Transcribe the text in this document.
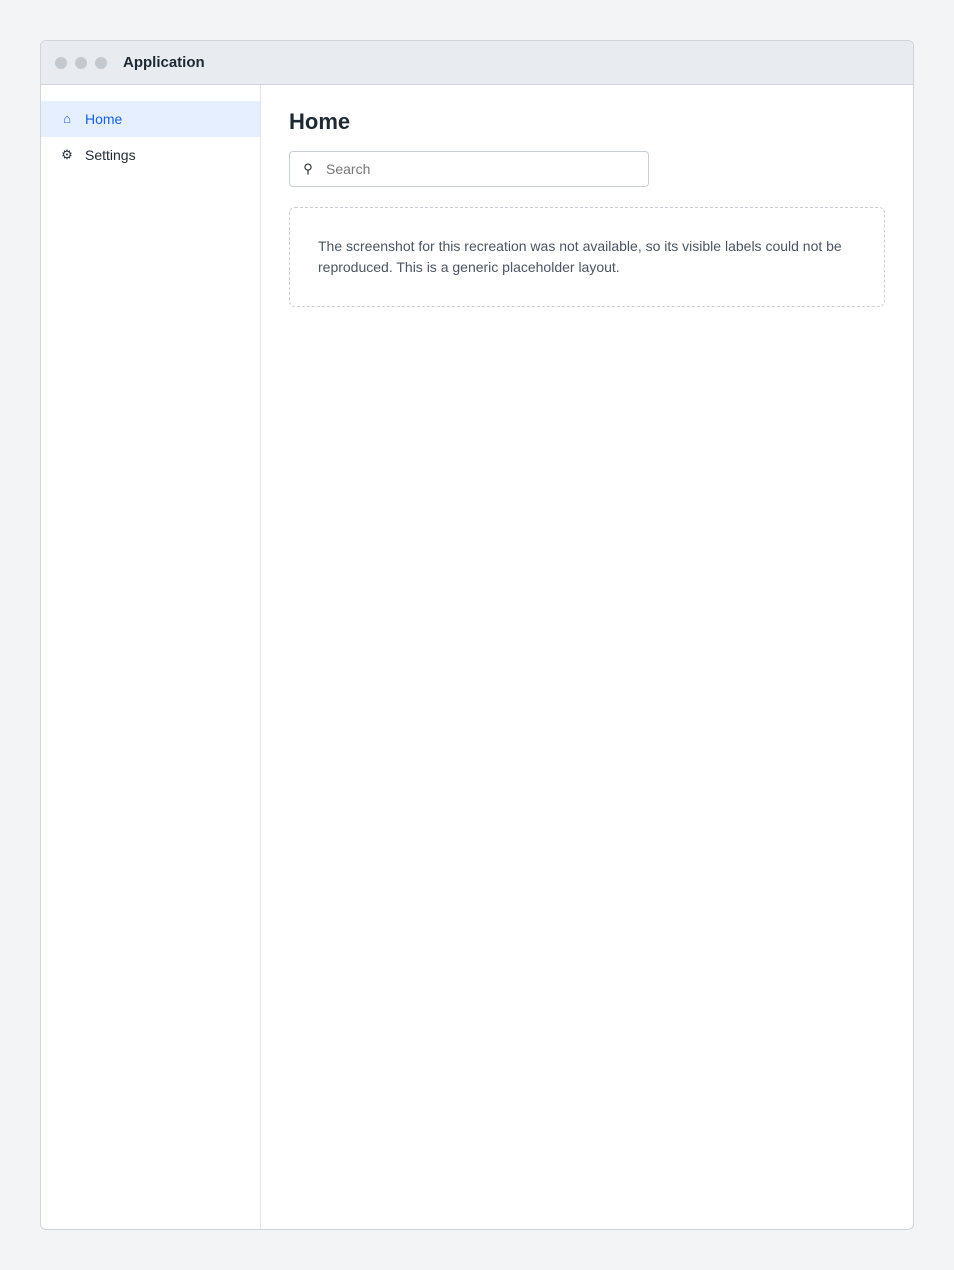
Application
⌂ Home
⚙ Settings
Home
⚲
Search

The screenshot for this recreation was not available, so its visible labels could not be reproduced. This is a generic placeholder layout.
